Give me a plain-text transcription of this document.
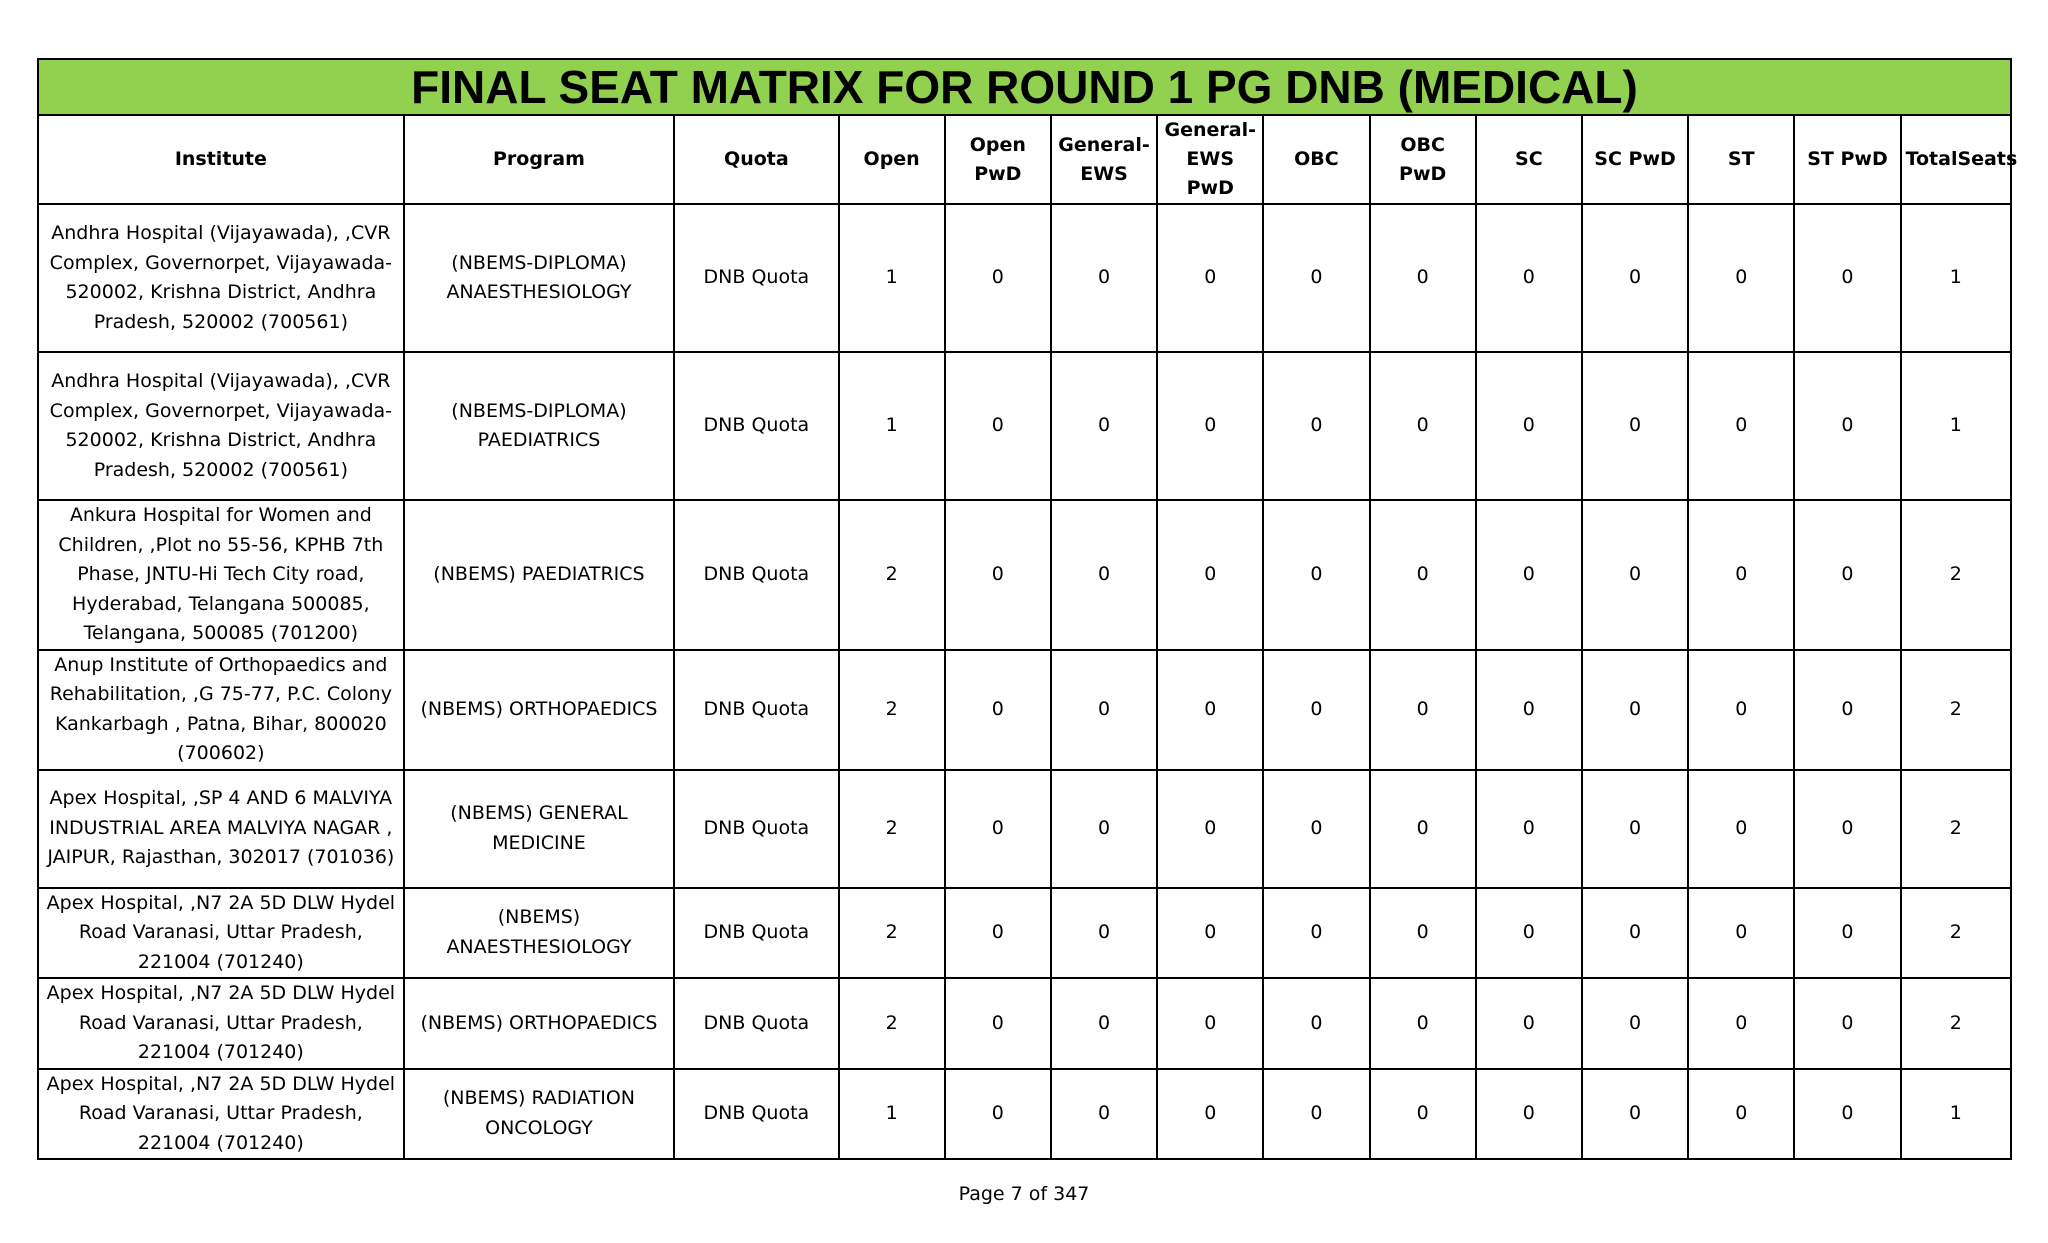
FINAL SEAT MATRIX FOR ROUND 1 PG DNB (MEDICAL)													
Institute	Program	Quota	Open	Open PwD	General-EWS	General-EWS PwD	OBC	OBC PwD	SC	SC PwD	ST	ST PwD	TotalSeats
Andhra Hospital (Vijayawada), ,CVR Complex, Governorpet, Vijayawada-520002, Krishna District, Andhra Pradesh, 520002 (700561)	(NBEMS-DIPLOMA) ANAESTHESIOLOGY	DNB Quota	1	0	0	0	0	0	0	0	0	0	1
Andhra Hospital (Vijayawada), ,CVR Complex, Governorpet, Vijayawada-520002, Krishna District, Andhra Pradesh, 520002 (700561)	(NBEMS-DIPLOMA) PAEDIATRICS	DNB Quota	1	0	0	0	0	0	0	0	0	0	1
Ankura Hospital for Women and Children, ,Plot no 55-56, KPHB 7th Phase, JNTU-Hi Tech City road, Hyderabad, Telangana 500085, Telangana, 500085 (701200)	(NBEMS) PAEDIATRICS	DNB Quota	2	0	0	0	0	0	0	0	0	0	2
Anup Institute of Orthopaedics and Rehabilitation, ,G 75-77, P.C. Colony Kankarbagh , Patna, Bihar, 800020 (700602)	(NBEMS) ORTHOPAEDICS	DNB Quota	2	0	0	0	0	0	0	0	0	0	2
Apex Hospital, ,SP 4 AND 6 MALVIYA INDUSTRIAL AREA MALVIYA NAGAR , JAIPUR, Rajasthan, 302017 (701036)	(NBEMS) GENERAL MEDICINE	DNB Quota	2	0	0	0	0	0	0	0	0	0	2
Apex Hospital, ,N7 2A 5D DLW Hydel Road Varanasi, Uttar Pradesh, 221004 (701240)	(NBEMS) ANAESTHESIOLOGY	DNB Quota	2	0	0	0	0	0	0	0	0	0	2
Apex Hospital, ,N7 2A 5D DLW Hydel Road Varanasi, Uttar Pradesh, 221004 (701240)	(NBEMS) ORTHOPAEDICS	DNB Quota	2	0	0	0	0	0	0	0	0	0	2
Apex Hospital, ,N7 2A 5D DLW Hydel Road Varanasi, Uttar Pradesh, 221004 (701240)	(NBEMS) RADIATION ONCOLOGY	DNB Quota	1	0	0	0	0	0	0	0	0	0	1
Page 7 of 347
